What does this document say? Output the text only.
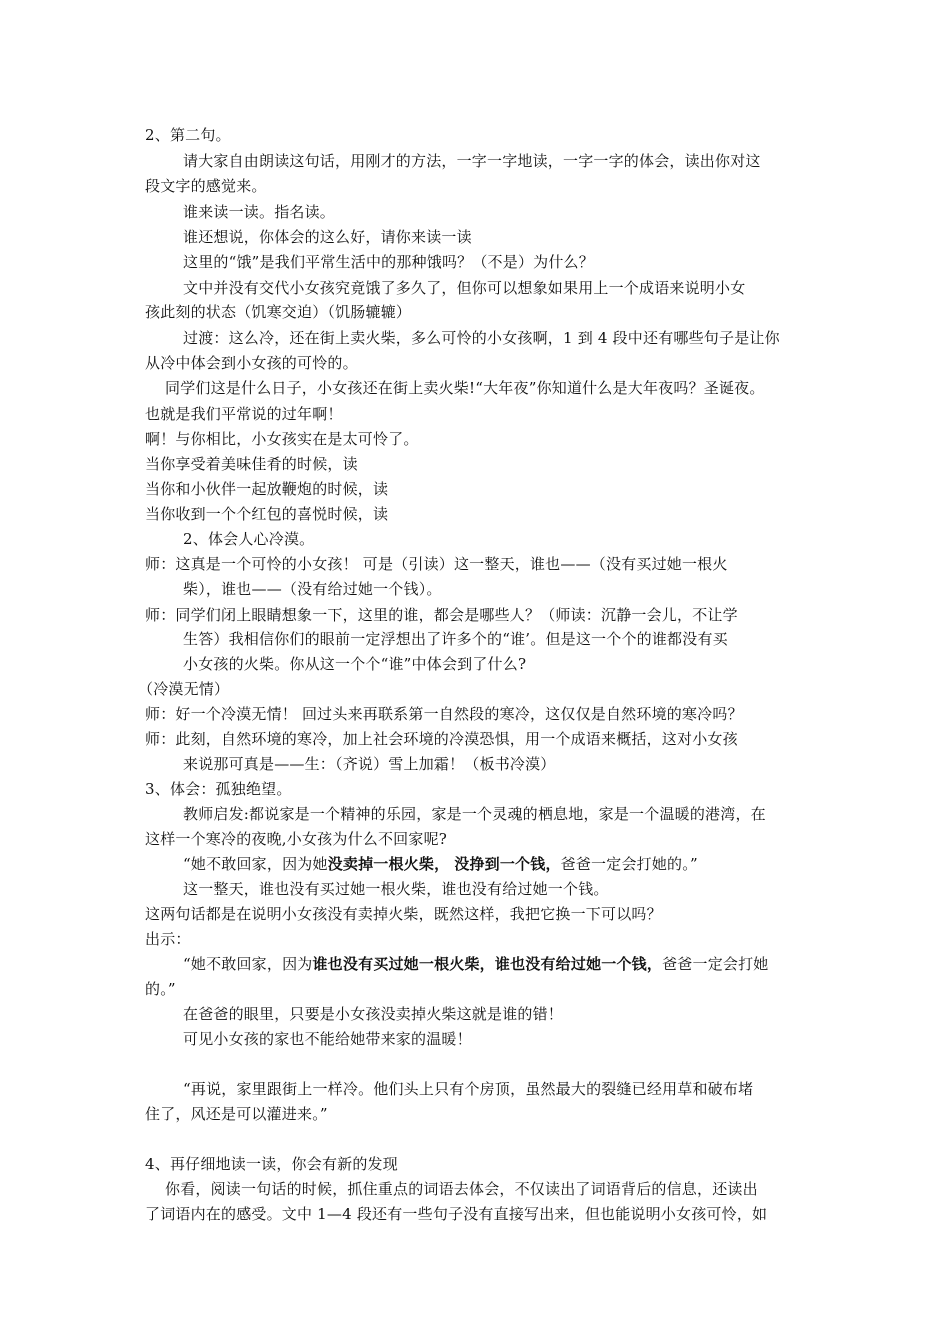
2、第二句。
请大家自由朗读这句话，用刚才的方法，一字一字地读，一字一字的体会，读出你对这
段文字的感觉来。
谁来读一读。指名读。
谁还想说，你体会的这么好，请你来读一读
这里的“饿”是我们平常生活中的那种饿吗？（不是）为什么？
文中并没有交代小女孩究竟饿了多久了，但你可以想象如果用上一个成语来说明小女
孩此刻的状态（饥寒交迫）（饥肠辘辘）
过渡：这么冷，还在街上卖火柴，多么可怜的小女孩啊，1 到 4 段中还有哪些句子是让你
从冷中体会到小女孩的可怜的。
同学们这是什么日子，小女孩还在街上卖火柴!“大年夜”你知道什么是大年夜吗？圣诞夜。
也就是我们平常说的过年啊！
啊！与你相比，小女孩实在是太可怜了。
当你享受着美味佳肴的时候，读
当你和小伙伴一起放鞭炮的时候，读
当你收到一个个红包的喜悦时候，读
2、体会人心冷漠。
师：这真是一个可怜的小女孩！ 可是（引读）这一整天，谁也——（没有买过她一根火
柴），谁也——（没有给过她一个钱）。
师：同学们闭上眼睛想象一下，这里的谁，都会是哪些人？（师读：沉静一会儿，不让学
生答）我相信你们的眼前一定浮想出了许多个的“谁’。但是这一个个的谁都没有买
小女孩的火柴。你从这一个个“谁”中体会到了什么?
（冷漠无情）
师：好一个冷漠无情！ 回过头来再联系第一自然段的寒冷，这仅仅是自然环境的寒冷吗？
师：此刻，自然环境的寒冷，加上社会环境的冷漠恐惧，用一个成语来概括，这对小女孩
来说那可真是——生：（齐说）雪上加霜！（板书冷漠）
3、体会：孤独绝望。
教师启发:都说家是一个精神的乐园，家是一个灵魂的栖息地，家是一个温暖的港湾，在
这样一个寒冷的夜晚,小女孩为什么不回家呢?
“她不敢回家，因为她没卖掉一根火柴， 没挣到一个钱，爸爸一定会打她的。”
这一整天，谁也没有买过她一根火柴，谁也没有给过她一个钱。
这两句话都是在说明小女孩没有卖掉火柴，既然这样，我把它换一下可以吗？
出示：
“她不敢回家，因为谁也没有买过她一根火柴，谁也没有给过她一个钱，爸爸一定会打她
的。”
在爸爸的眼里，只要是小女孩没卖掉火柴这就是谁的错！
可见小女孩的家也不能给她带来家的温暖！
“再说，家里跟街上一样冷。他们头上只有个房顶，虽然最大的裂缝已经用草和破布堵
住了，风还是可以灌进来。”
4、再仔细地读一读，你会有新的发现
你看，阅读一句话的时候，抓住重点的词语去体会，不仅读出了词语背后的信息，还读出
了词语内在的感受。文中 1—4 段还有一些句子没有直接写出来，但也能说明小女孩可怜，如
